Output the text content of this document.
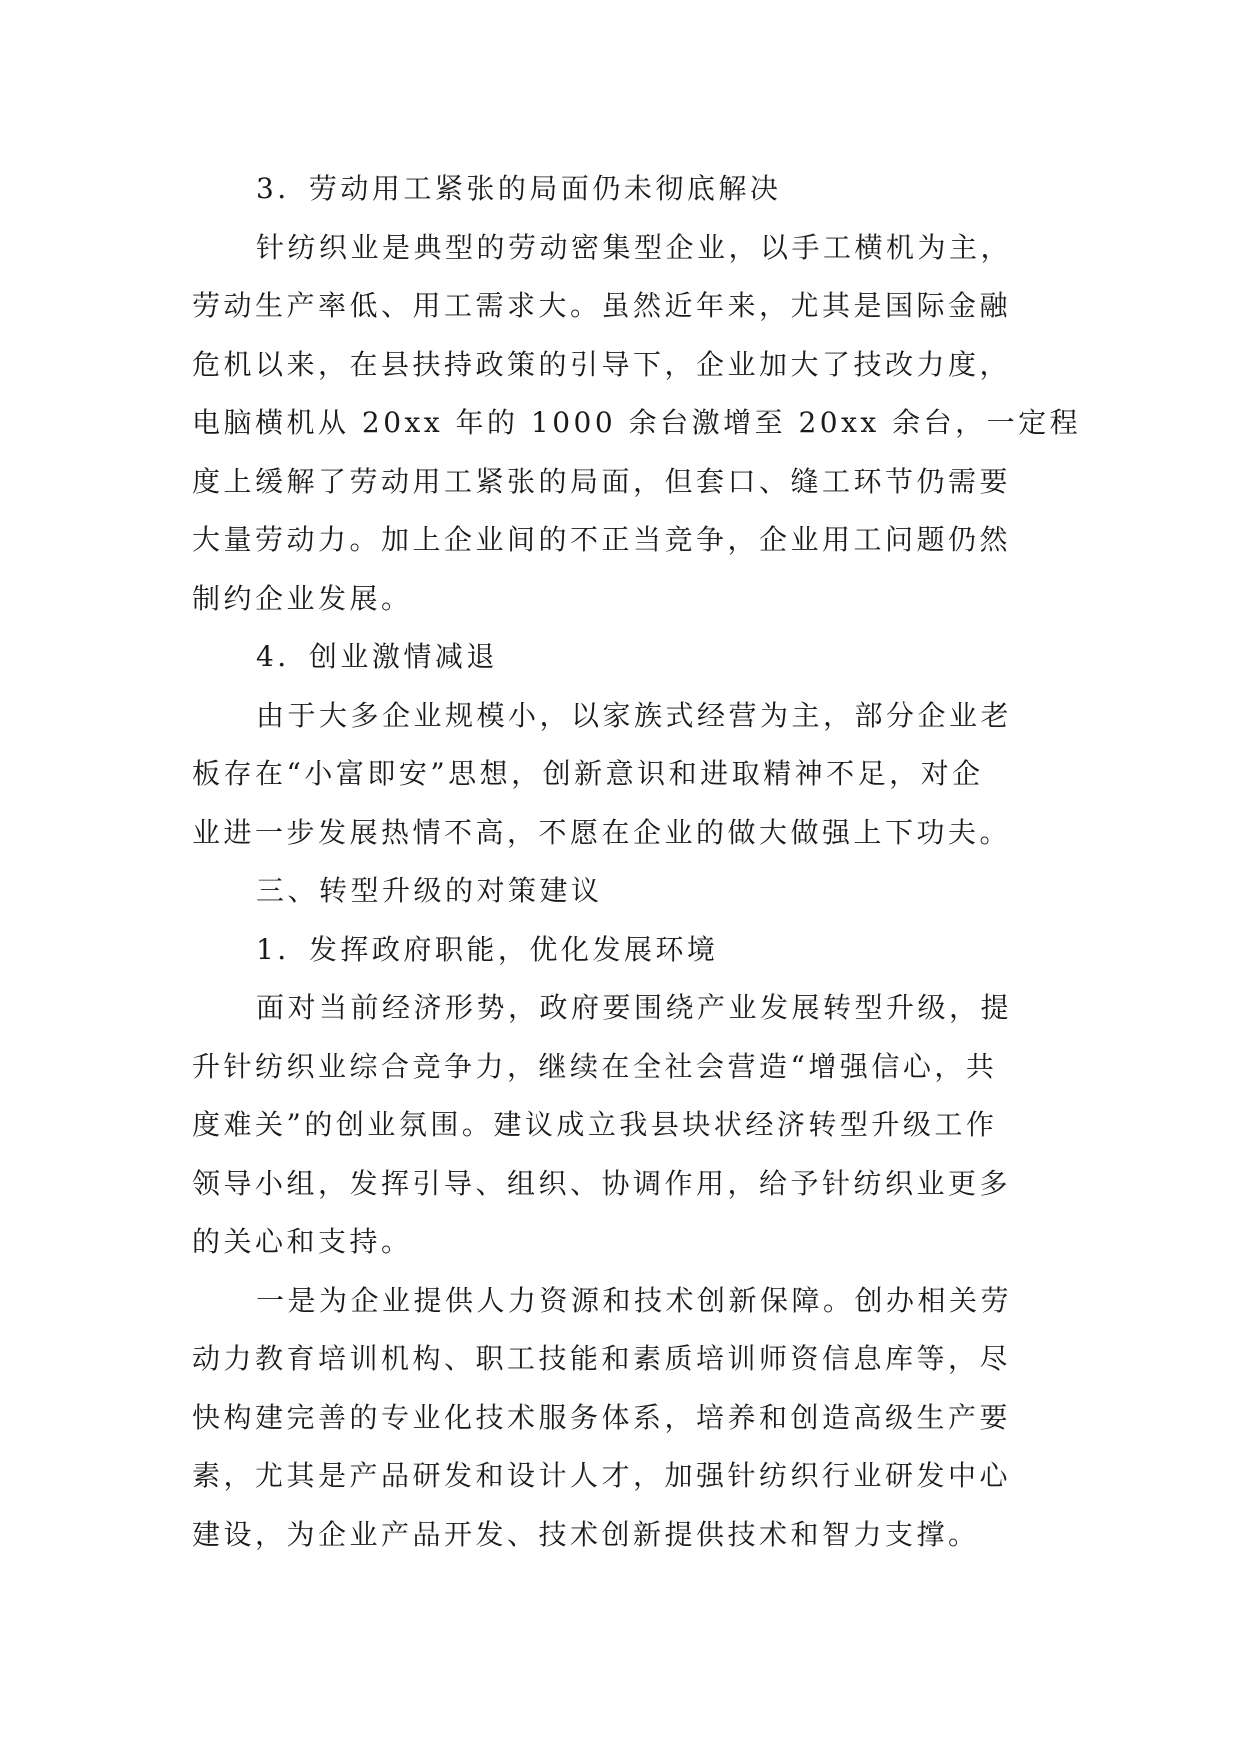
3．劳动用工紧张的局面仍未彻底解决
针纺织业是典型的劳动密集型企业，以手工横机为主，
劳动生产率低、用工需求大。虽然近年来，尤其是国际金融
危机以来，在县扶持政策的引导下，企业加大了技改力度，
电脑横机从 20xx 年的 1000 余台激增至 20xx 余台，一定程
度上缓解了劳动用工紧张的局面，但套口、缝工环节仍需要
大量劳动力。加上企业间的不正当竞争，企业用工问题仍然
制约企业发展。
4．创业激情减退
由于大多企业规模小，以家族式经营为主，部分企业老
板存在“小富即安”思想，创新意识和进取精神不足，对企
业进一步发展热情不高，不愿在企业的做大做强上下功夫。
三、转型升级的对策建议
1．发挥政府职能，优化发展环境
面对当前经济形势，政府要围绕产业发展转型升级，提
升针纺织业综合竞争力，继续在全社会营造“增强信心，共
度难关”的创业氛围。建议成立我县块状经济转型升级工作
领导小组，发挥引导、组织、协调作用，给予针纺织业更多
的关心和支持。
一是为企业提供人力资源和技术创新保障。创办相关劳
动力教育培训机构、职工技能和素质培训师资信息库等，尽
快构建完善的专业化技术服务体系，培养和创造高级生产要
素，尤其是产品研发和设计人才，加强针纺织行业研发中心
建设，为企业产品开发、技术创新提供技术和智力支撑。
